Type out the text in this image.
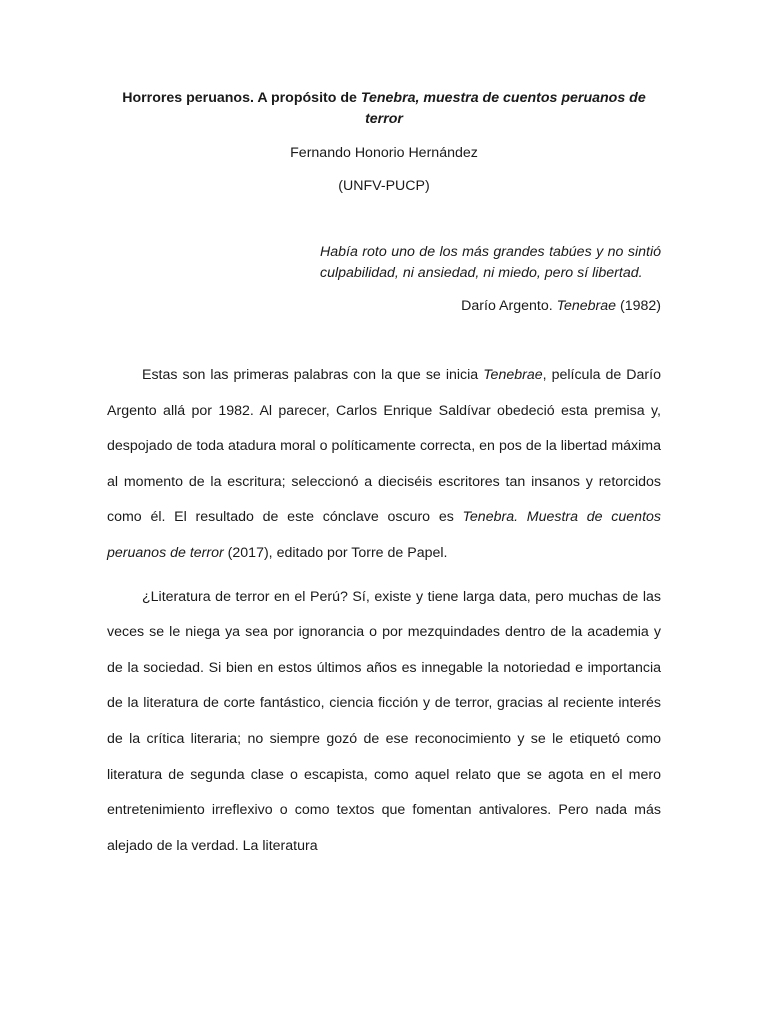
Horrores peruanos. A propósito de Tenebra, muestra de cuentos peruanos de terror
Fernando Honorio Hernández
(UNFV-PUCP)
Había roto uno de los más grandes tabúes y no sintió culpabilidad, ni ansiedad, ni miedo, pero sí libertad.
Darío Argento. Tenebrae (1982)

Estas son las primeras palabras con la que se inicia Tenebrae, película de Darío Argento allá por 1982. Al parecer, Carlos Enrique Saldívar obedeció esta premisa y, despojado de toda atadura moral o políticamente correcta, en pos de la libertad máxima al momento de la escritura; seleccionó a dieciséis escritores tan insanos y retorcidos como él. El resultado de este cónclave oscuro es Tenebra. Muestra de cuentos peruanos de terror (2017), editado por Torre de Papel.

¿Literatura de terror en el Perú? Sí, existe y tiene larga data, pero muchas de las veces se le niega ya sea por ignorancia o por mezquindades dentro de la academia y de la sociedad. Si bien en estos últimos años es innegable la notoriedad e importancia de la literatura de corte fantástico, ciencia ficción y de terror, gracias al reciente interés de la crítica literaria; no siempre gozó de ese reconocimiento y se le etiquetó como literatura de segunda clase o escapista, como aquel relato que se agota en el mero entretenimiento irreflexivo o como textos que fomentan antivalores. Pero nada más alejado de la verdad. La literatura
